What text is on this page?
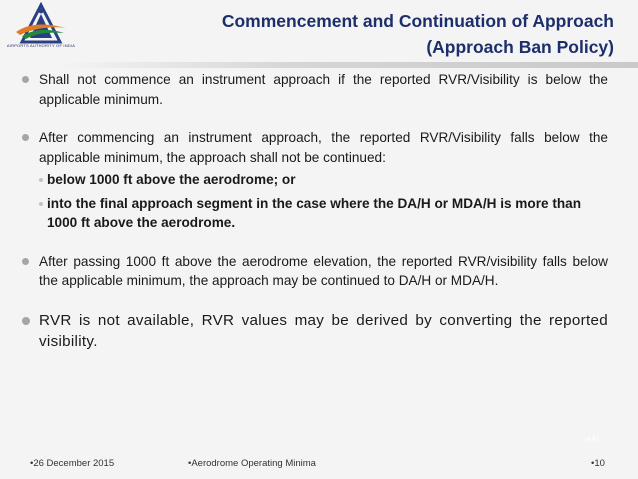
AIRPORTS AUTHORITY OF INDIA
Commencement and Continuation of Approach
(Approach Ban Policy)
Shall not commence an instrument approach if the reported RVR/Visibility is below the applicable minimum.
After commencing an instrument approach, the reported RVR/Visibility falls below the applicable minimum, the approach shall not be continued:
below 1000 ft above the aerodrome; or
into the final approach segment in the case where the DA/H or MDA/H is more than 1000 ft above the aerodrome.
After passing 1000 ft above the aerodrome elevation, the reported RVR/visibility falls below the applicable minimum, the approach may be continued to DA/H or MDA/H.
RVR is not available, RVR values may be derived by converting the reported visibility.
•AAI
•26 December 2015	•Aerodrome Operating Minima	•10
